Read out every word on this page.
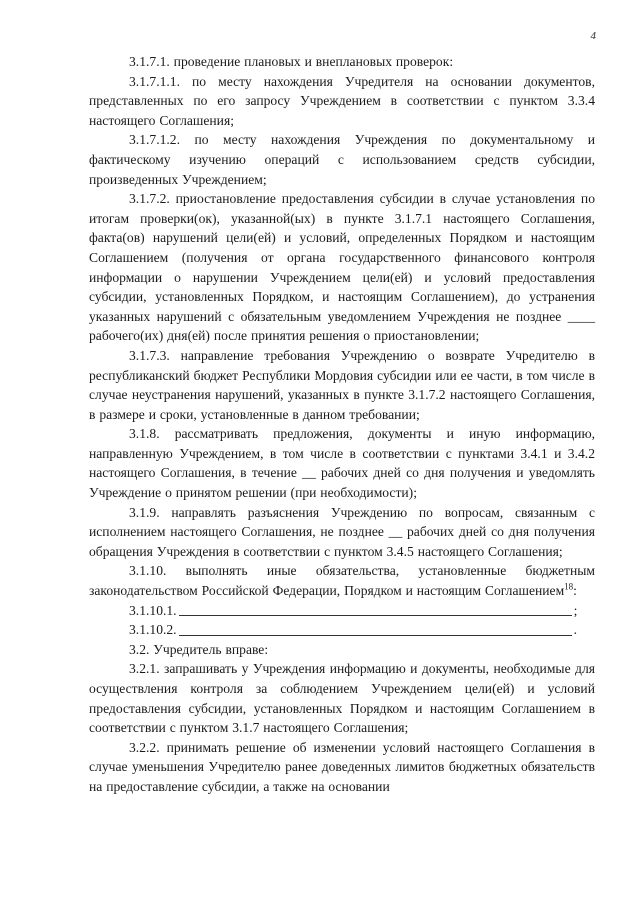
4

3.1.7.1. проведение плановых и внеплановых проверок:

3.1.7.1.1. по месту нахождения Учредителя на основании документов, представленных по его запросу Учреждением в соответствии с пунктом 3.3.4 настоящего Соглашения;

3.1.7.1.2. по месту нахождения Учреждения по документальному и фактическому изучению операций с использованием средств субсидии, произведенных Учреждением;

3.1.7.2. приостановление предоставления субсидии в случае установления по итогам проверки(ок), указанной(ых) в пункте 3.1.7.1 настоящего Соглашения, факта(ов) нарушений цели(ей) и условий, определенных Порядком и настоящим Соглашением (получения от органа государственного финансового контроля информации о нарушении Учреждением цели(ей) и условий предоставления субсидии, установленных Порядком, и настоящим Соглашением), до устранения указанных нарушений с обязательным уведомлением Учреждения не позднее ____ рабочего(их) дня(ей) после принятия решения о приостановлении;

3.1.7.3. направление требования Учреждению о возврате Учредителю в республиканский бюджет Республики Мордовия субсидии или ее части, в том числе в случае неустранения нарушений, указанных в пункте 3.1.7.2 настоящего Соглашения, в размере и сроки, установленные в данном требовании;

3.1.8. рассматривать предложения, документы и иную информацию, направленную Учреждением, в том числе в соответствии с пунктами 3.4.1 и 3.4.2 настоящего Соглашения, в течение __ рабочих дней со дня получения и уведомлять Учреждение о принятом решении (при необходимости);

3.1.9. направлять разъяснения Учреждению по вопросам, связанным с исполнением настоящего Соглашения, не позднее __ рабочих дней со дня получения обращения Учреждения в соответствии с пунктом 3.4.5 настоящего Соглашения;

3.1.10. выполнять иные обязательства, установленные бюджетным законодательством Российской Федерации, Порядком и настоящим Соглашением$^{18}$:

3.1.10.1.	;
3.1.10.2.	.

3.2. Учредитель вправе:

3.2.1. запрашивать у Учреждения информацию и документы, необходимые для осуществления контроля за соблюдением Учреждением цели(ей) и условий предоставления субсидии, установленных Порядком и настоящим Соглашением в соответствии с пунктом 3.1.7 настоящего Соглашения;

3.2.2. принимать решение об изменении условий настоящего Соглашения в случае уменьшения Учредителю ранее доведенных лимитов бюджетных обязательств на предоставление субсидии, а также на основании
